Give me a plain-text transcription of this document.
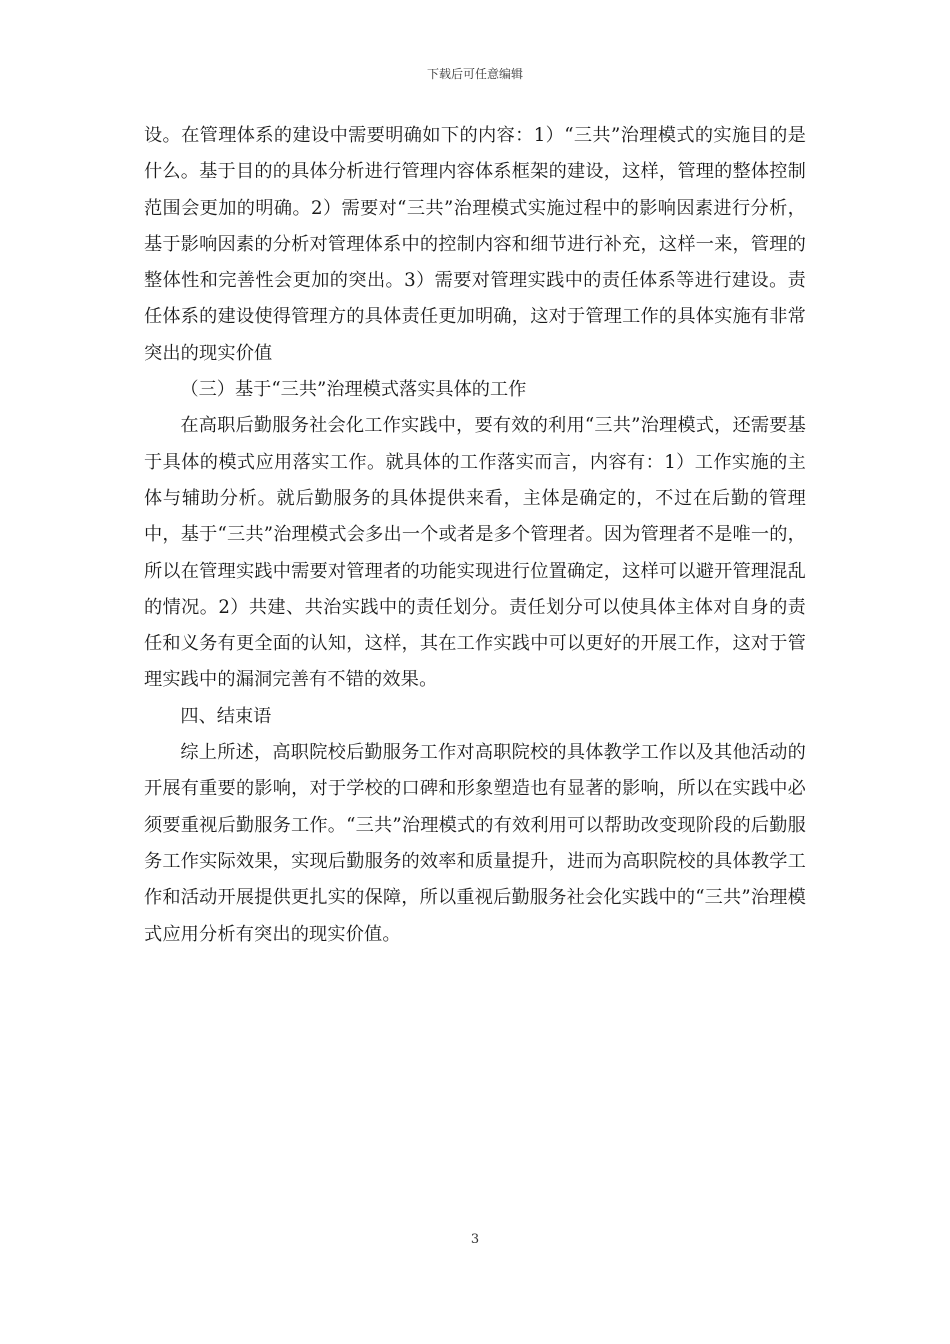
下载后可任意编辑

设。在管理体系的建设中需要明确如下的内容：1）“三共”治理模式的实施目的是什么。基于目的的具体分析进行管理内容体系框架的建设，这样，管理的整体控制范围会更加的明确。2）需要对“三共”治理模式实施过程中的影响因素进行分析，基于影响因素的分析对管理体系中的控制内容和细节进行补充，这样一来，管理的整体性和完善性会更加的突出。3）需要对管理实践中的责任体系等进行建设。责任体系的建设使得管理方的具体责任更加明确，这对于管理工作的具体实施有非常突出的现实价值

（三）基于“三共”治理模式落实具体的工作

在高职后勤服务社会化工作实践中，要有效的利用“三共”治理模式，还需要基于具体的模式应用落实工作。就具体的工作落实而言，内容有：1）工作实施的主体与辅助分析。就后勤服务的具体提供来看，主体是确定的，不过在后勤的管理中，基于“三共”治理模式会多出一个或者是多个管理者。因为管理者不是唯一的，所以在管理实践中需要对管理者的功能实现进行位置确定，这样可以避开管理混乱的情况。2）共建、共治实践中的责任划分。责任划分可以使具体主体对自身的责任和义务有更全面的认知，这样，其在工作实践中可以更好的开展工作，这对于管理实践中的漏洞完善有不错的效果。

四、结束语

综上所述，高职院校后勤服务工作对高职院校的具体教学工作以及其他活动的开展有重要的影响，对于学校的口碑和形象塑造也有显著的影响，所以在实践中必须要重视后勤服务工作。“三共”治理模式的有效利用可以帮助改变现阶段的后勤服务工作实际效果，实现后勤服务的效率和质量提升，进而为高职院校的具体教学工作和活动开展提供更扎实的保障，所以重视后勤服务社会化实践中的“三共”治理模式应用分析有突出的现实价值。

3
